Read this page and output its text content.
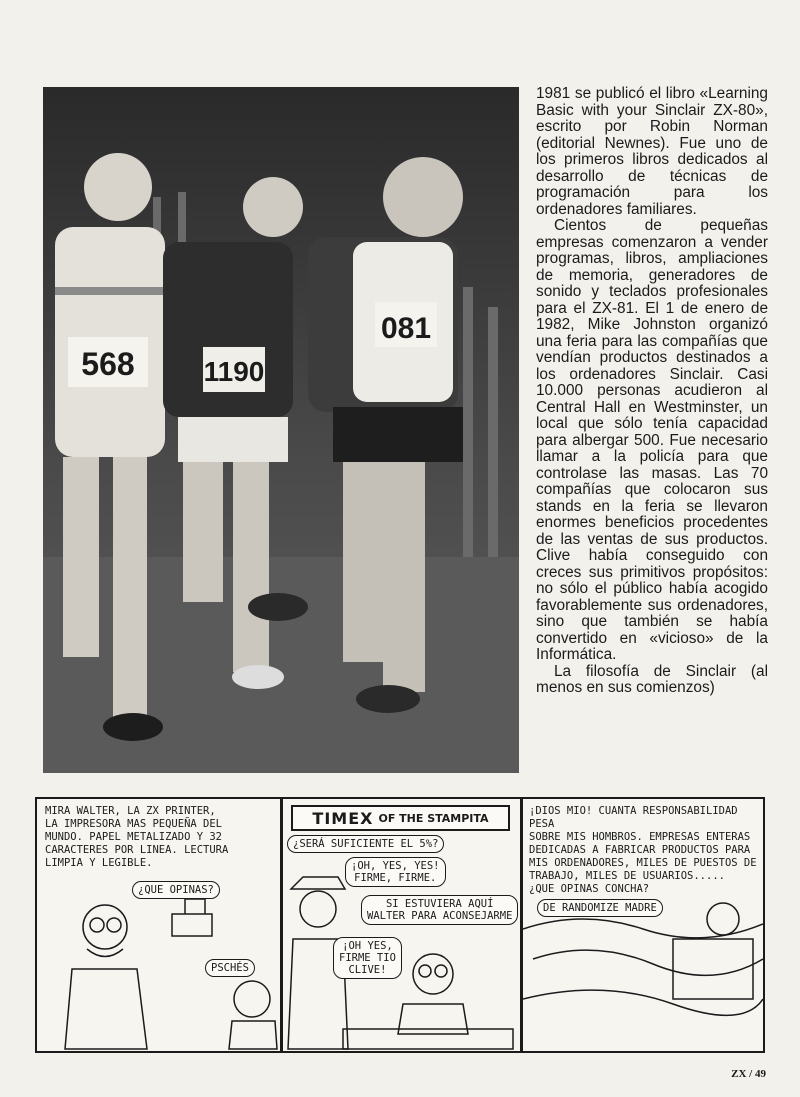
568 1190
081

1981 se publicó el libro «Learning Basic with your Sinclair ZX-80», escrito por Robin Norman (editorial Newnes). Fue uno de los primeros libros dedicados al desarrollo de técnicas de programación para los ordenadores familiares.

Cientos de pequeñas empresas comenzaron a vender programas, libros, ampliaciones de memoria, generadores de sonido y teclados profesionales para el ZX-81. El 1 de enero de 1982, Mike Johnston organizó una feria para las compañías que vendían productos destinados a los ordenadores Sinclair. Casi 10.000 personas acudieron al Central Hall en Westminster, un local que sólo tenía capacidad para albergar 500. Fue necesario llamar a la policía para que controlase las masas. Las 70 compañías que colocaron sus stands en la feria se llevaron enormes beneficios procedentes de las ventas de sus productos. Clive había conseguido con creces sus primitivos propósitos: no sólo el público había acogido favorablemente sus ordenadores, sino que también se había convertido en «vicioso» de la Informática.

La filosofía de Sinclair (al menos en sus comienzos)

MIRA WALTER, LA ZX PRINTER,
LA IMPRESORA MAS PEQUEÑA DEL
MUNDO. PAPEL METALIZADO Y 32
CARACTERES POR LINEA. LECTURA
LIMPIA Y LEGIBLE.
¿QUE OPINAS?
PSCHÉS
TIMEX OF THE STAMPITA
¿SERÁ SUFICIENTE EL 5%?
¡OH, YES, YES!
FIRME, FIRME.
SI ESTUVIERA AQUÍ
WALTER PARA ACONSEJARME
¡OH YES,
FIRME TIO
CLIVE!
¡DIOS MIO! CUANTA RESPONSABILIDAD PESA
SOBRE MIS HOMBROS. EMPRESAS ENTERAS
DEDICADAS A FABRICAR PRODUCTOS PARA
MIS ORDENADORES, MILES DE PUESTOS DE
TRABAJO, MILES DE USUARIOS.....
¿QUE OPINAS CONCHA?
DE RANDOMIZE MADRE
ZX / 49
